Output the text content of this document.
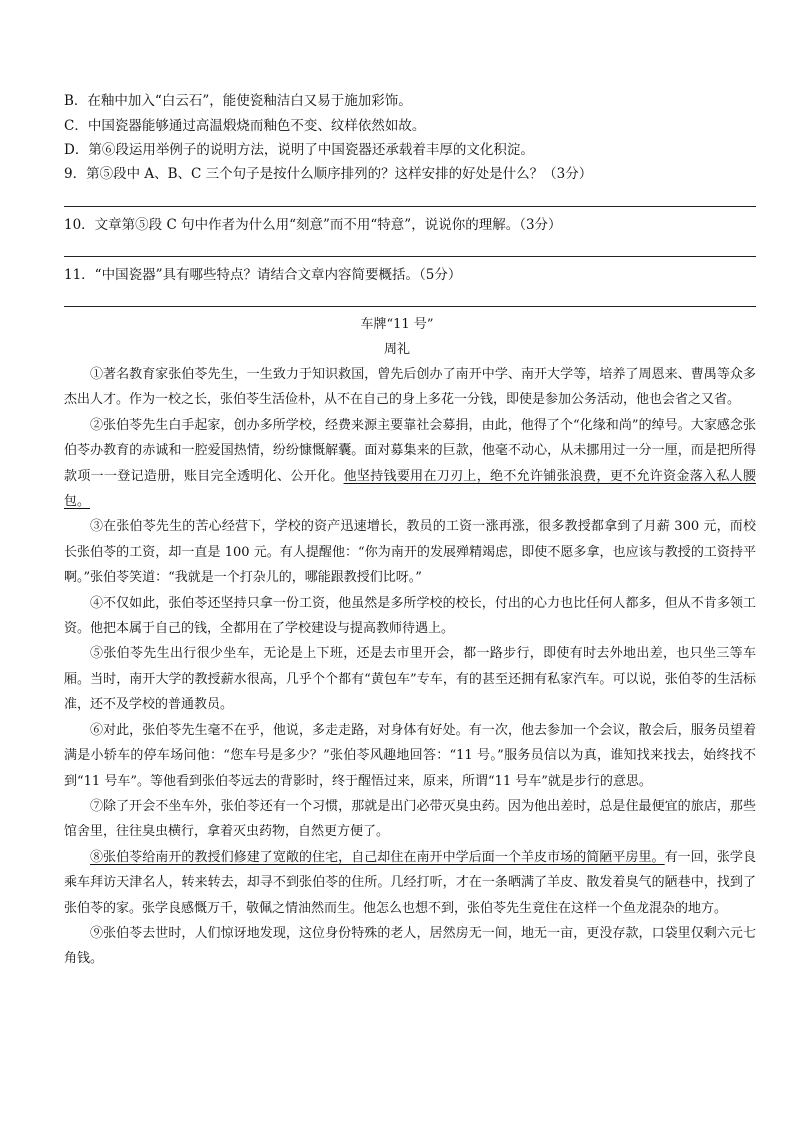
B．在釉中加入“白云石”，能使瓷釉洁白又易于施加彩饰。
C．中国瓷器能够通过高温煅烧而釉色不变、纹样依然如故。
D．第⑥段运用举例子的说明方法，说明了中国瓷器还承载着丰厚的文化积淀。
9．第⑤段中 A、B、C 三个句子是按什么顺序排列的？这样安排的好处是什么？（3分）
10．文章第⑤段 C 句中作者为什么用“刻意”而不用“特意”，说说你的理解。（3分）
11．“中国瓷器”具有哪些特点？请结合文章内容简要概括。（5分）
车牌“11 号”
周礼

①著名教育家张伯苓先生，一生致力于知识救国，曾先后创办了南开中学、南开大学等，培养了周恩来、曹禺等众多杰出人才。作为一校之长，张伯苓生活俭朴，从不在自己的身上多花一分钱，即使是参加公务活动，他也会省之又省。

②张伯苓先生白手起家，创办多所学校，经费来源主要靠社会募捐，由此，他得了个“化缘和尚”的绰号。大家感念张伯苓办教育的赤诚和一腔爱国热情，纷纷慷慨解囊。面对募集来的巨款，他毫不动心，从未挪用过一分一厘，而是把所得款项一一登记造册，账目完全透明化、公开化。他坚持钱要用在刀刃上，绝不允许铺张浪费，更不允许资金落入私人腰包。

③在张伯苓先生的苦心经营下，学校的资产迅速增长，教员的工资一涨再涨，很多教授都拿到了月薪 300 元，而校长张伯苓的工资，却一直是 100 元。有人提醒他：“你为南开的发展殚精竭虑，即使不愿多拿，也应该与教授的工资持平啊。”张伯苓笑道：“我就是一个打杂儿的，哪能跟教授们比呀。”

④不仅如此，张伯苓还坚持只拿一份工资，他虽然是多所学校的校长，付出的心力也比任何人都多，但从不肯多领工资。他把本属于自己的钱，全都用在了学校建设与提高教师待遇上。

⑤张伯苓先生出行很少坐车，无论是上下班，还是去市里开会，都一路步行，即使有时去外地出差，也只坐三等车厢。当时，南开大学的教授薪水很高，几乎个个都有“黄包车”专车，有的甚至还拥有私家汽车。可以说，张伯苓的生活标准，还不及学校的普通教员。

⑥对此，张伯苓先生毫不在乎，他说，多走走路，对身体有好处。有一次，他去参加一个会议，散会后，服务员望着满是小轿车的停车场问他：“您车号是多少？”张伯苓风趣地回答：“11 号。”服务员信以为真，谁知找来找去，始终找不到“11 号车”。等他看到张伯苓远去的背影时，终于醒悟过来，原来，所谓“11 号车”就是步行的意思。

⑦除了开会不坐车外，张伯苓还有一个习惯，那就是出门必带灭臭虫药。因为他出差时，总是住最便宜的旅店，那些馆舍里，往往臭虫横行，拿着灭虫药物，自然更方便了。

⑧张伯苓给南开的教授们修建了宽敞的住宅，自己却住在南开中学后面一个羊皮市场的简陋平房里。有一回，张学良乘车拜访天津名人，转来转去，却寻不到张伯苓的住所。几经打听，才在一条晒满了羊皮、散发着臭气的陋巷中，找到了张伯苓的家。张学良感慨万千，敬佩之情油然而生。他怎么也想不到，张伯苓先生竟住在这样一个鱼龙混杂的地方。

⑨张伯苓去世时，人们惊讶地发现，这位身份特殊的老人，居然房无一间，地无一亩，更没存款，口袋里仅剩六元七角钱。
